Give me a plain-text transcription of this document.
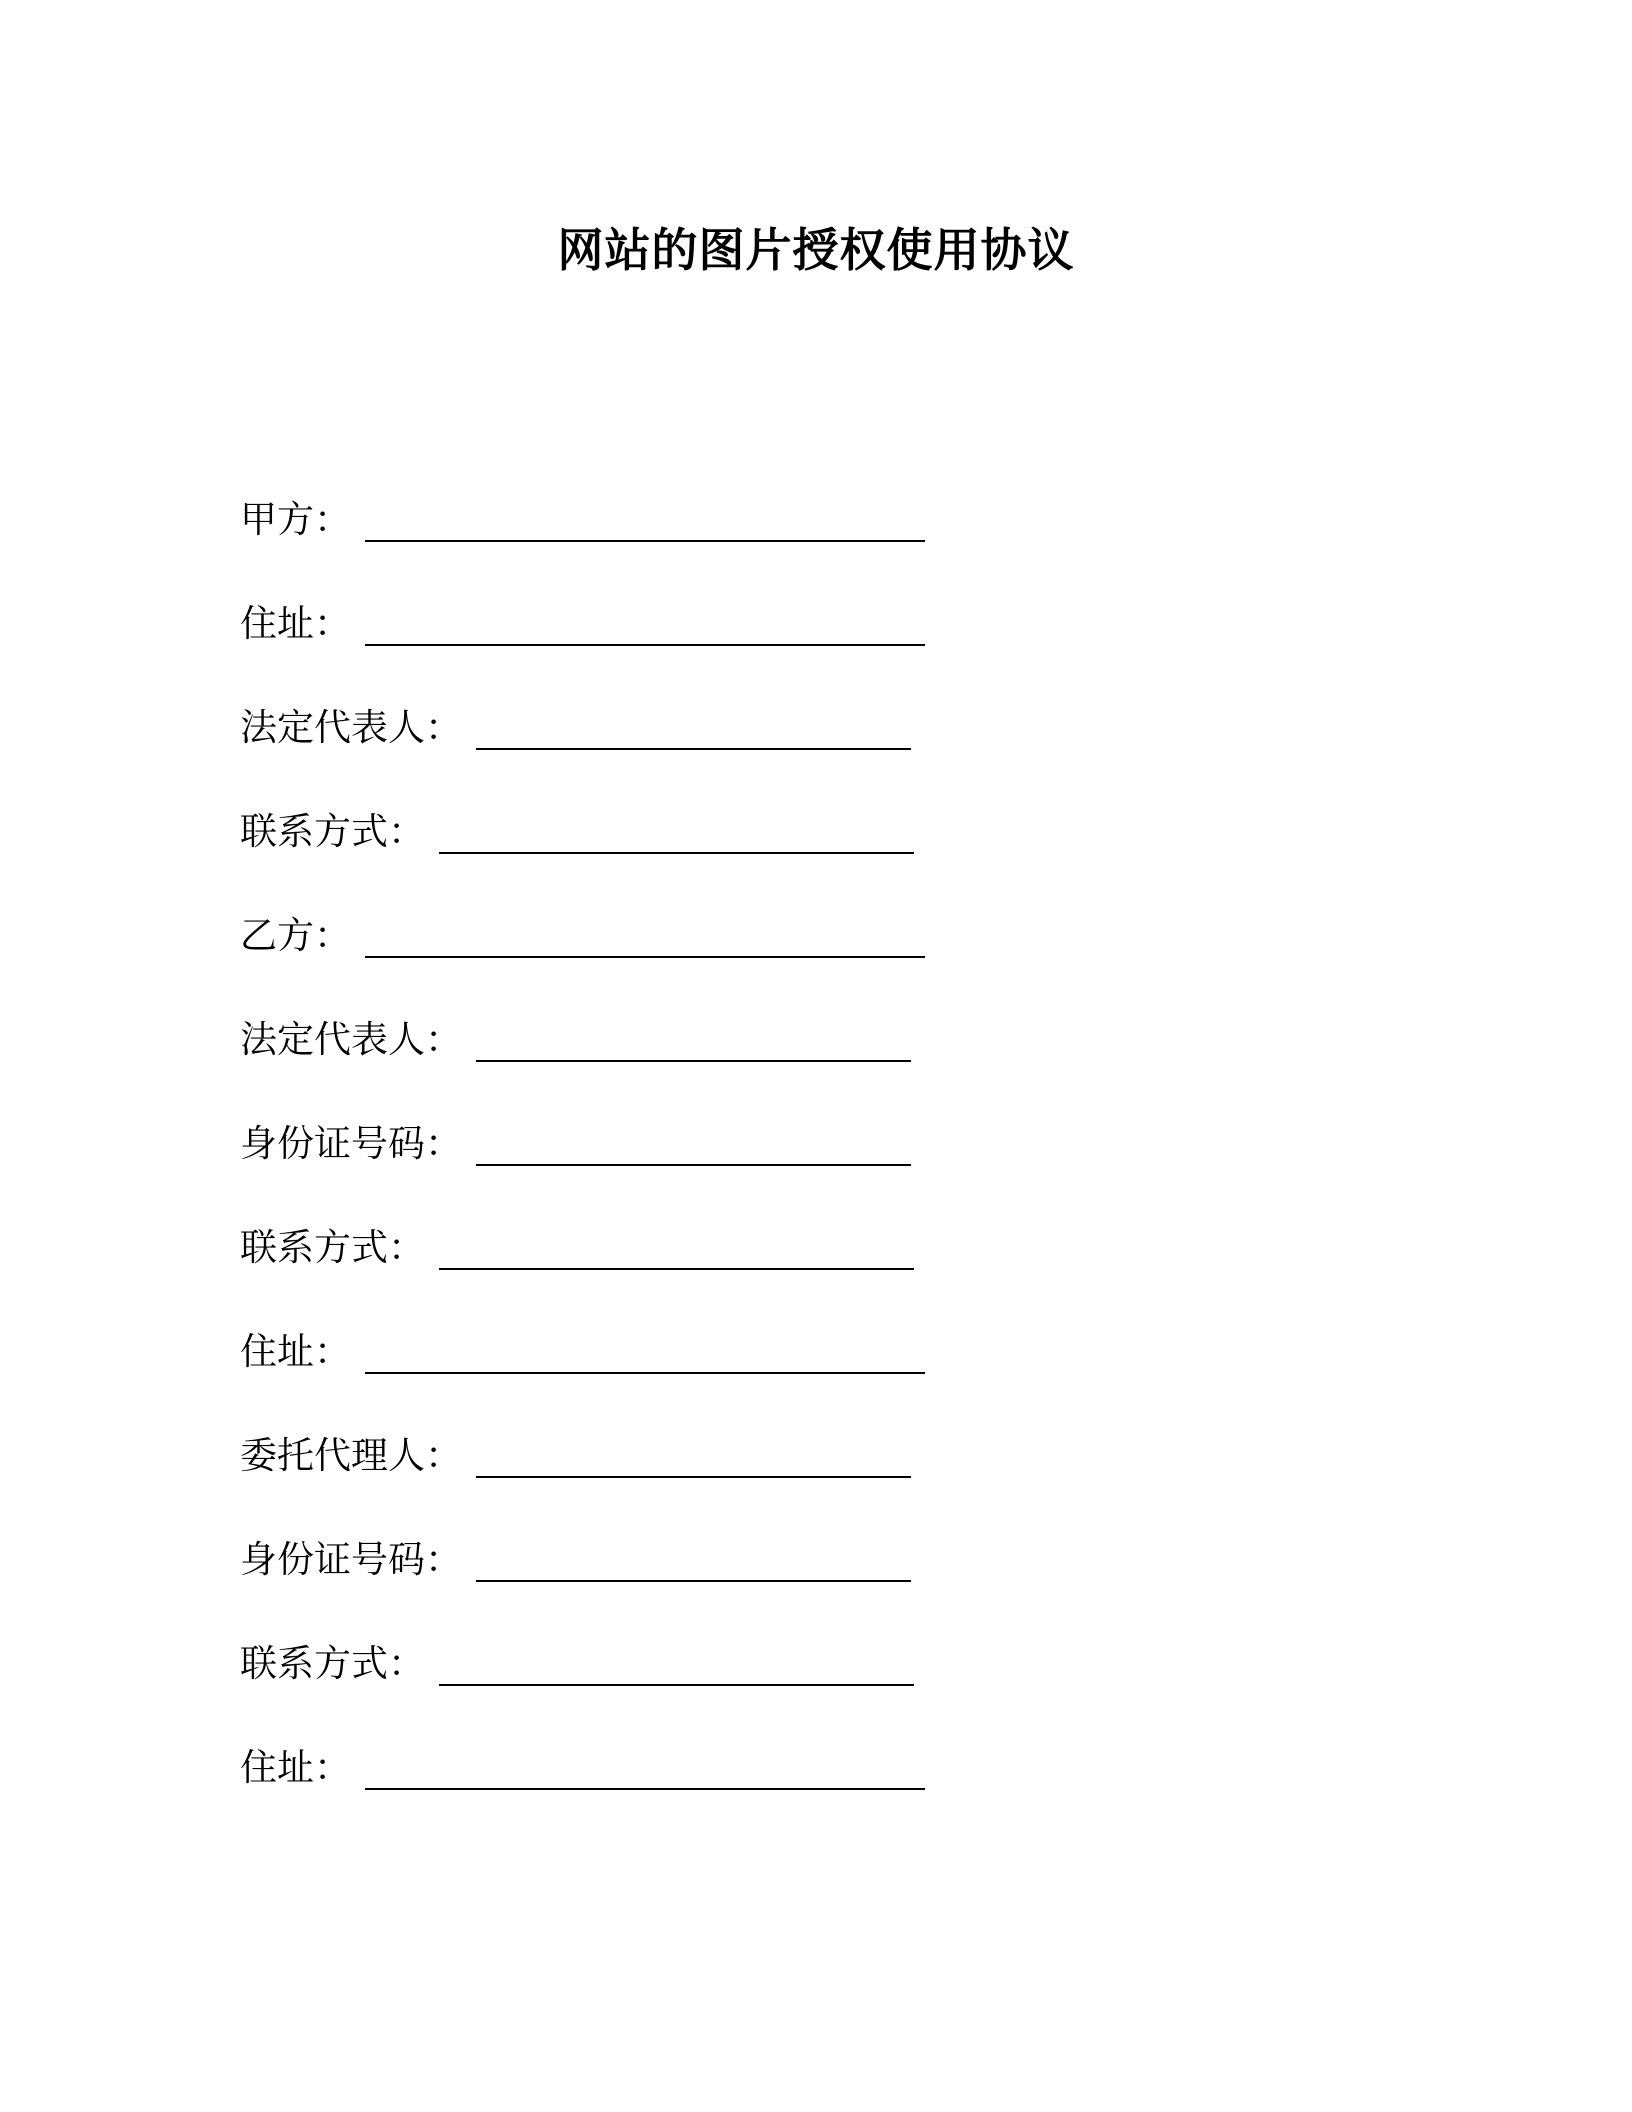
网站的图片授权使用协议
甲方 ：
住址 ：
法定代表人 ：
联系方式 ：
乙方 ：
法定代表人 ：
身份证号码 ：
联系方式 ：
住址 ：
委托代理人 ：
身份证号码 ：
联系方式 ：
住址 ：
